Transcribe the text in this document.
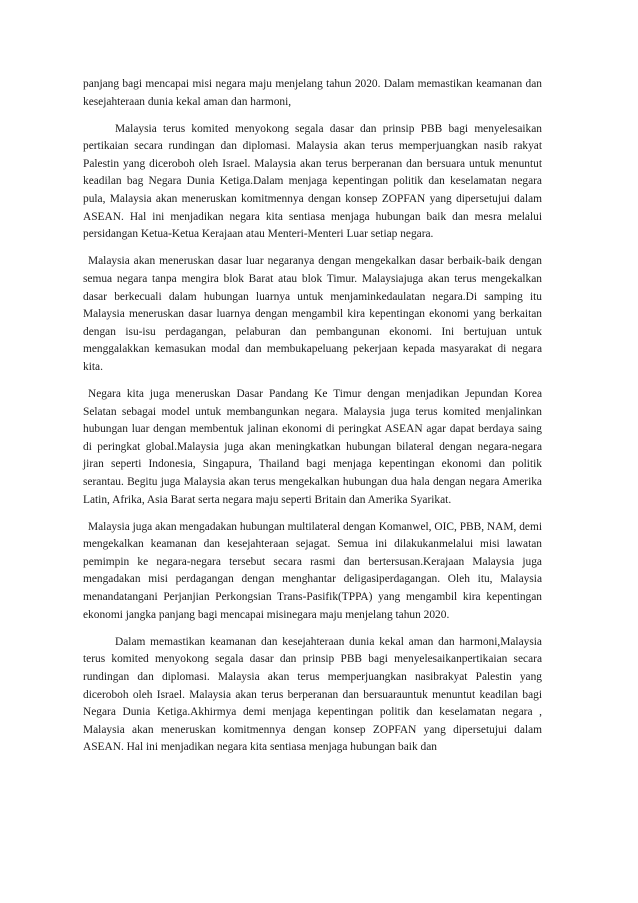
panjang bagi mencapai misi negara maju menjelang tahun 2020. Dalam memastikan keamanan dan kesejahteraan dunia kekal aman dan harmoni,

Malaysia terus komited menyokong segala dasar dan prinsip PBB bagi menyelesaikan pertikaian secara rundingan dan diplomasi. Malaysia akan terus memperjuangkan nasib rakyat Palestin yang diceroboh oleh Israel. Malaysia akan terus berperanan dan bersuara untuk menuntut keadilan bag Negara Dunia Ketiga.Dalam menjaga kepentingan politik dan keselamatan negara pula, Malaysia akan meneruskan komitmennya dengan konsep ZOPFAN yang dipersetujui dalam ASEAN. Hal ini menjadikan negara kita sentiasa menjaga hubungan baik dan mesra melalui persidangan Ketua-Ketua Kerajaan atau Menteri-Menteri Luar setiap negara.

Malaysia akan meneruskan dasar luar negaranya dengan mengekalkan dasar berbaik-baik dengan semua negara tanpa mengira blok Barat atau blok Timur. Malaysiajuga akan terus mengekalkan dasar berkecuali dalam hubungan luarnya untuk menjaminkedaulatan negara.Di samping itu Malaysia meneruskan dasar luarnya dengan mengambil kira kepentingan ekonomi yang berkaitan dengan isu-isu perdagangan, pelaburan dan pembangunan ekonomi. Ini bertujuan untuk menggalakkan kemasukan modal dan membukapeluang pekerjaan kepada masyarakat di negara kita.

Negara kita juga meneruskan Dasar Pandang Ke Timur dengan menjadikan Jepundan Korea Selatan sebagai model untuk membangunkan negara. Malaysia juga terus komited menjalinkan hubungan luar dengan membentuk jalinan ekonomi di peringkat ASEAN agar dapat berdaya saing di peringkat global.Malaysia juga akan meningkatkan hubungan bilateral dengan negara-negara jiran seperti Indonesia, Singapura, Thailand bagi menjaga kepentingan ekonomi dan politik serantau. Begitu juga Malaysia akan terus mengekalkan hubungan dua hala dengan negara Amerika Latin, Afrika, Asia Barat serta negara maju seperti Britain dan Amerika Syarikat.

Malaysia juga akan mengadakan hubungan multilateral dengan Komanwel, OIC, PBB, NAM, demi mengekalkan keamanan dan kesejahteraan sejagat. Semua ini dilakukanmelalui misi lawatan pemimpin ke negara-negara tersebut secara rasmi dan bertersusan.Kerajaan Malaysia juga mengadakan misi perdagangan dengan menghantar deligasiperdagangan. Oleh itu, Malaysia menandatangani Perjanjian Perkongsian Trans-Pasifik(TPPA) yang mengambil kira kepentingan ekonomi jangka panjang bagi mencapai misinegara maju menjelang tahun 2020.

Dalam memastikan keamanan dan kesejahteraan dunia kekal aman dan harmoni,Malaysia terus komited menyokong segala dasar dan prinsip PBB bagi menyelesaikanpertikaian secara rundingan dan diplomasi. Malaysia akan terus memperjuangkan nasibrakyat Palestin yang diceroboh oleh Israel. Malaysia akan terus berperanan dan bersuarauntuk menuntut keadilan bagi Negara Dunia Ketiga.Akhirmya demi menjaga kepentingan politik dan keselamatan negara , Malaysia akan meneruskan komitmennya dengan konsep ZOPFAN yang dipersetujui dalam ASEAN. Hal ini menjadikan negara kita sentiasa menjaga hubungan baik dan
